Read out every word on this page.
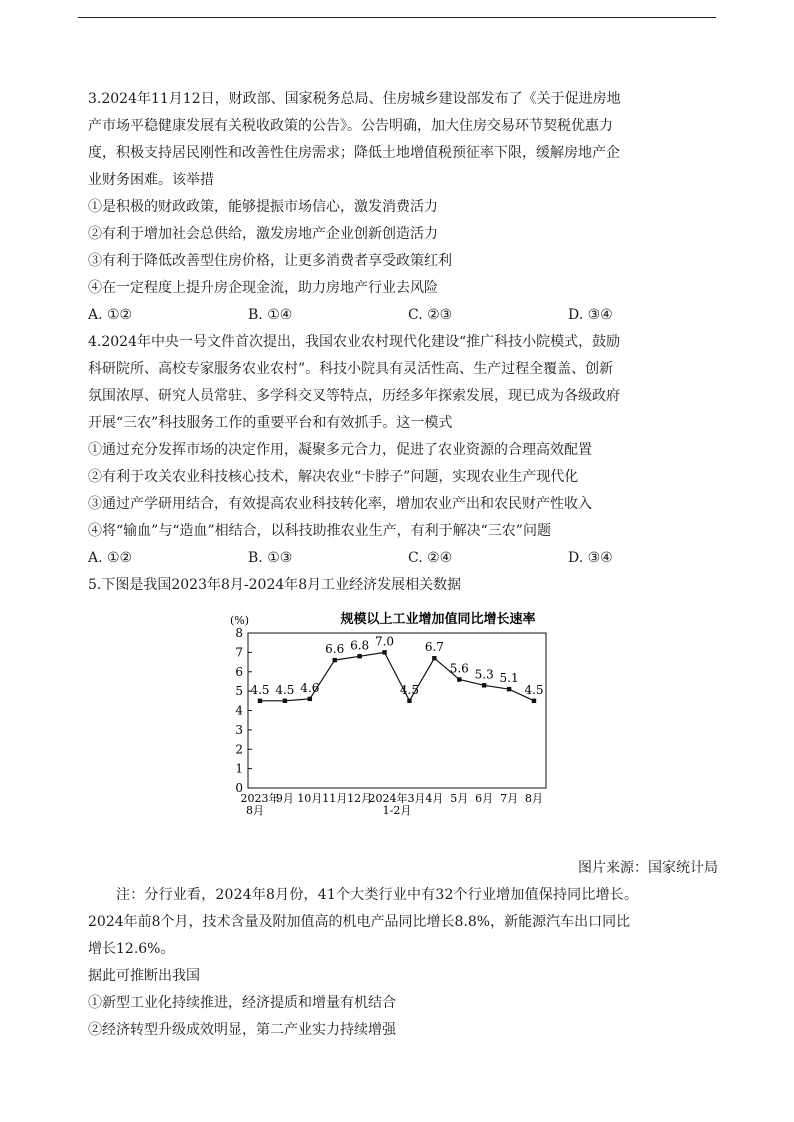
3.2024年11月12日，财政部、国家税务总局、住房城乡建设部发布了《关于促进房地

产市场平稳健康发展有关税收政策的公告》。公告明确，加大住房交易环节契税优惠力

度，积极支持居民刚性和改善性住房需求；降低土地增值税预征率下限，缓解房地产企

业财务困难。该举措

①是积极的财政政策，能够提振市场信心，激发消费活力

②有利于增加社会总供给，激发房地产企业创新创造活力

③有利于降低改善型住房价格，让更多消费者享受政策红利

④在一定程度上提升房企现金流，助力房地产行业去风险

A. ①②	B. ①④	C. ②③	D. ③④

4.2024年中央一号文件首次提出，我国农业农村现代化建设“推广科技小院模式，鼓励

科研院所、高校专家服务农业农村”。科技小院具有灵活性高、生产过程全覆盖、创新

氛围浓厚、研究人员常驻、多学科交叉等特点，历经多年探索发展，现已成为各级政府

开展“三农”科技服务工作的重要平台和有效抓手。这一模式

①通过充分发挥市场的决定作用，凝聚多元合力，促进了农业资源的合理高效配置

②有利于攻关农业科技核心技术，解决农业“卡脖子”问题，实现农业生产现代化

③通过产学研用结合，有效提高农业科技转化率，增加农业产出和农民财产性收入

④将“输血”与“造血”相结合，以科技助推农业生产，有利于解决“三农”问题

A. ①②	B. ①③	C. ②④	D. ③④

5.下图是我国2023年8月-2024年8月工业经济发展相关数据

规模以上工业增加值同比增长速率
(%)
0
1
2
3
4
5
6
7
8
2023年
8月
9月 10月 11月 12月
2024年3月
1-2月
4月 5月 6月 7月 8月
4.5 4.5 4.6
6.6 6.8 7.0
4.5
6.7
5.6 5.3 5.1
4.5

图片来源：国家统计局

注：分行业看，2024年8月份，41个大类行业中有32个行业增加值保持同比增长。

2024年前8个月，技术含量及附加值高的机电产品同比增长8.8%，新能源汽车出口同比

增长12.6%。

据此可推断出我国

①新型工业化持续推进，经济提质和增量有机结合

②经济转型升级成效明显，第二产业实力持续增强
